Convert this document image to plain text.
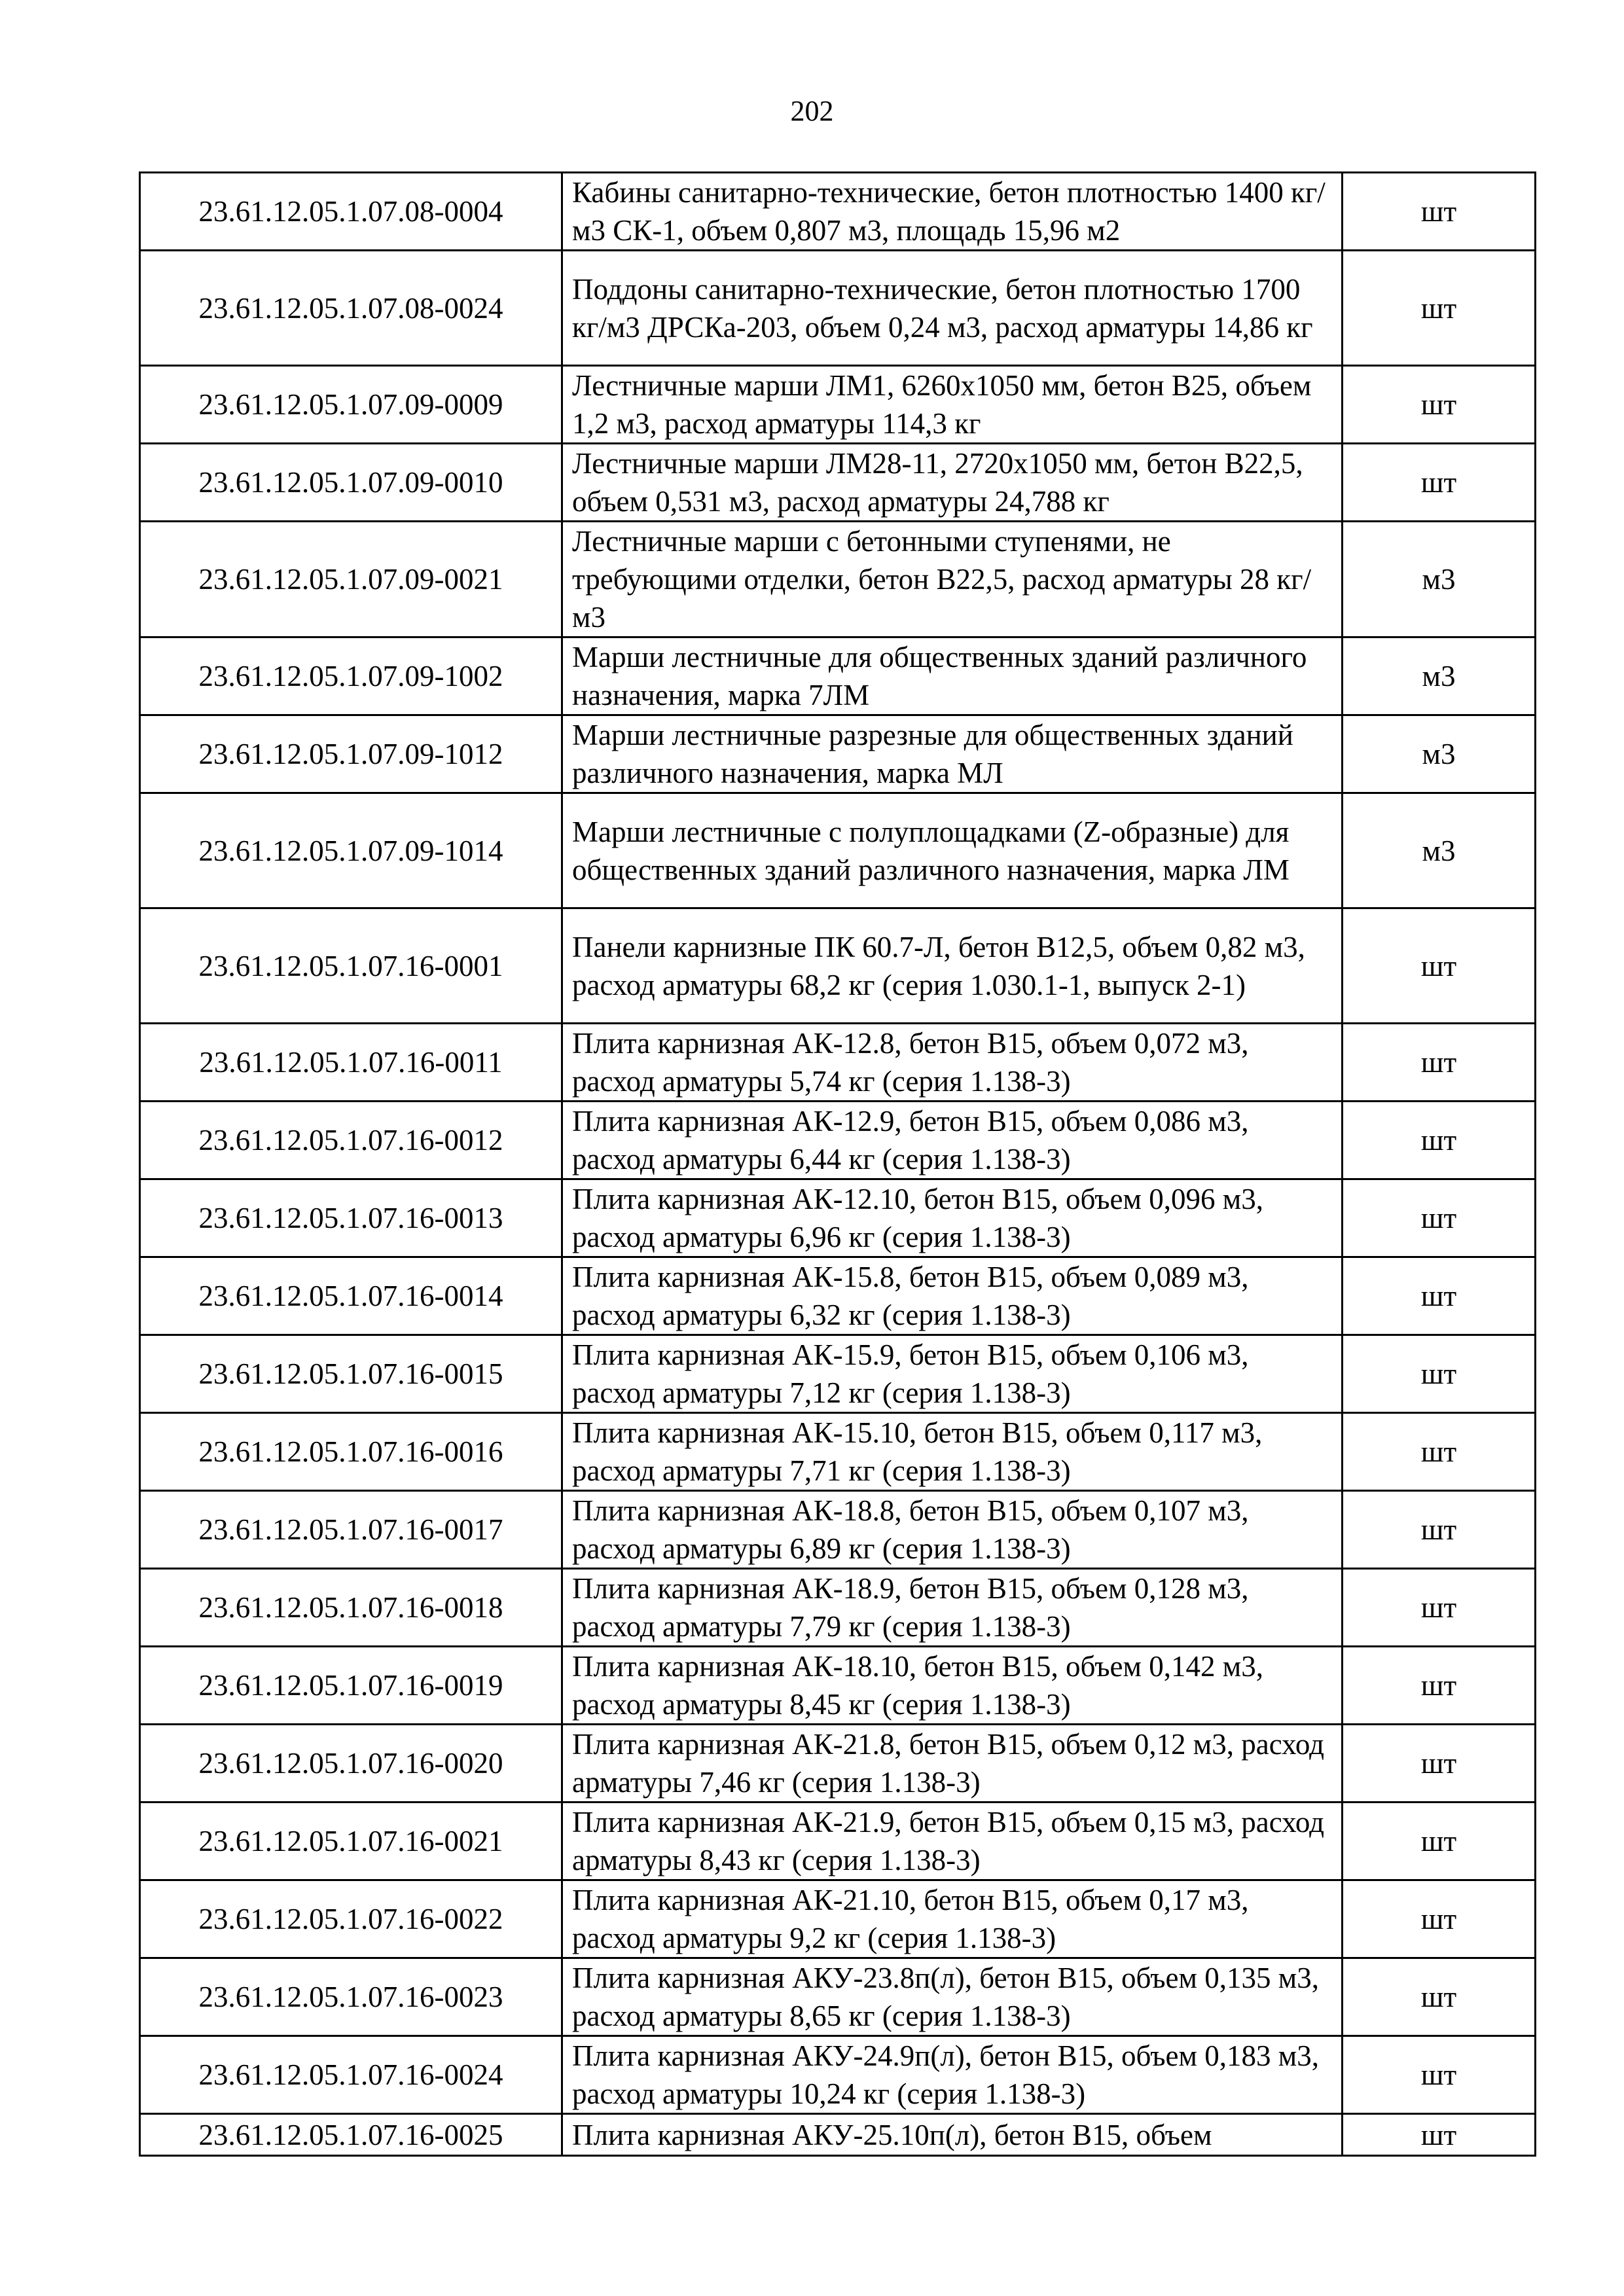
202
23.61.12.05.1.07.08-0004	Кабины санитарно-технические, бетон плотностью 1400 кг/ м3 СК-1, объем 0,807 м3, площадь 15,96 м2	шт
23.61.12.05.1.07.08-0024	Поддоны санитарно-технические, бетон плотностью 1700 кг/м3 ДРСКа-203, объем 0,24 м3, расход арматуры 14,86 кг	шт
23.61.12.05.1.07.09-0009	Лестничные марши ЛМ1, 6260х1050 мм, бетон В25, объем 1,2 м3, расход арматуры 114,3 кг	шт
23.61.12.05.1.07.09-0010	Лестничные марши ЛМ28-11, 2720х1050 мм, бетон В22,5, объем 0,531 м3, расход арматуры 24,788 кг	шт
23.61.12.05.1.07.09-0021	Лестничные марши с бетонными ступенями, не требующими отделки, бетон В22,5, расход арматуры 28 кг/м3	м3
23.61.12.05.1.07.09-1002	Марши лестничные для общественных зданий различного назначения, марка 7ЛМ	м3
23.61.12.05.1.07.09-1012	Марши лестничные разрезные для общественных зданий различного назначения, марка МЛ	м3
23.61.12.05.1.07.09-1014	Марши лестничные с полуплощадками (Z-образные) для общественных зданий различного назначения, марка ЛМ	м3
23.61.12.05.1.07.16-0001	Панели карнизные ПК 60.7-Л, бетон В12,5, объем 0,82 м3, расход арматуры 68,2 кг (серия 1.030.1-1, выпуск 2-1)	шт
23.61.12.05.1.07.16-0011	Плита карнизная АК-12.8, бетон В15, объем 0,072 м3, расход арматуры 5,74 кг (серия 1.138-3)	шт
23.61.12.05.1.07.16-0012	Плита карнизная АК-12.9, бетон В15, объем 0,086 м3, расход арматуры 6,44 кг (серия 1.138-3)	шт
23.61.12.05.1.07.16-0013	Плита карнизная АК-12.10, бетон В15, объем 0,096 м3, расход арматуры 6,96 кг (серия 1.138-3)	шт
23.61.12.05.1.07.16-0014	Плита карнизная АК-15.8, бетон В15, объем 0,089 м3, расход арматуры 6,32 кг (серия 1.138-3)	шт
23.61.12.05.1.07.16-0015	Плита карнизная АК-15.9, бетон В15, объем 0,106 м3, расход арматуры 7,12 кг (серия 1.138-3)	шт
23.61.12.05.1.07.16-0016	Плита карнизная АК-15.10, бетон В15, объем 0,117 м3, расход арматуры 7,71 кг (серия 1.138-3)	шт
23.61.12.05.1.07.16-0017	Плита карнизная АК-18.8, бетон В15, объем 0,107 м3, расход арматуры 6,89 кг (серия 1.138-3)	шт
23.61.12.05.1.07.16-0018	Плита карнизная АК-18.9, бетон В15, объем 0,128 м3, расход арматуры 7,79 кг (серия 1.138-3)	шт
23.61.12.05.1.07.16-0019	Плита карнизная АК-18.10, бетон В15, объем 0,142 м3, расход арматуры 8,45 кг (серия 1.138-3)	шт
23.61.12.05.1.07.16-0020	Плита карнизная АК-21.8, бетон В15, объем 0,12 м3, расход арматуры 7,46 кг (серия 1.138-3)	шт
23.61.12.05.1.07.16-0021	Плита карнизная АК-21.9, бетон В15, объем 0,15 м3, расход арматуры 8,43 кг (серия 1.138-3)	шт
23.61.12.05.1.07.16-0022	Плита карнизная АК-21.10, бетон В15, объем 0,17 м3, расход арматуры 9,2 кг (серия 1.138-3)	шт
23.61.12.05.1.07.16-0023	Плита карнизная АКУ-23.8п(л), бетон В15, объем 0,135 м3, расход арматуры 8,65 кг (серия 1.138-3)	шт
23.61.12.05.1.07.16-0024	Плита карнизная АКУ-24.9п(л), бетон В15, объем 0,183 м3, расход арматуры 10,24 кг (серия 1.138-3)	шт
23.61.12.05.1.07.16-0025	Плита карнизная АКУ-25.10п(л), бетон В15, объем	шт
